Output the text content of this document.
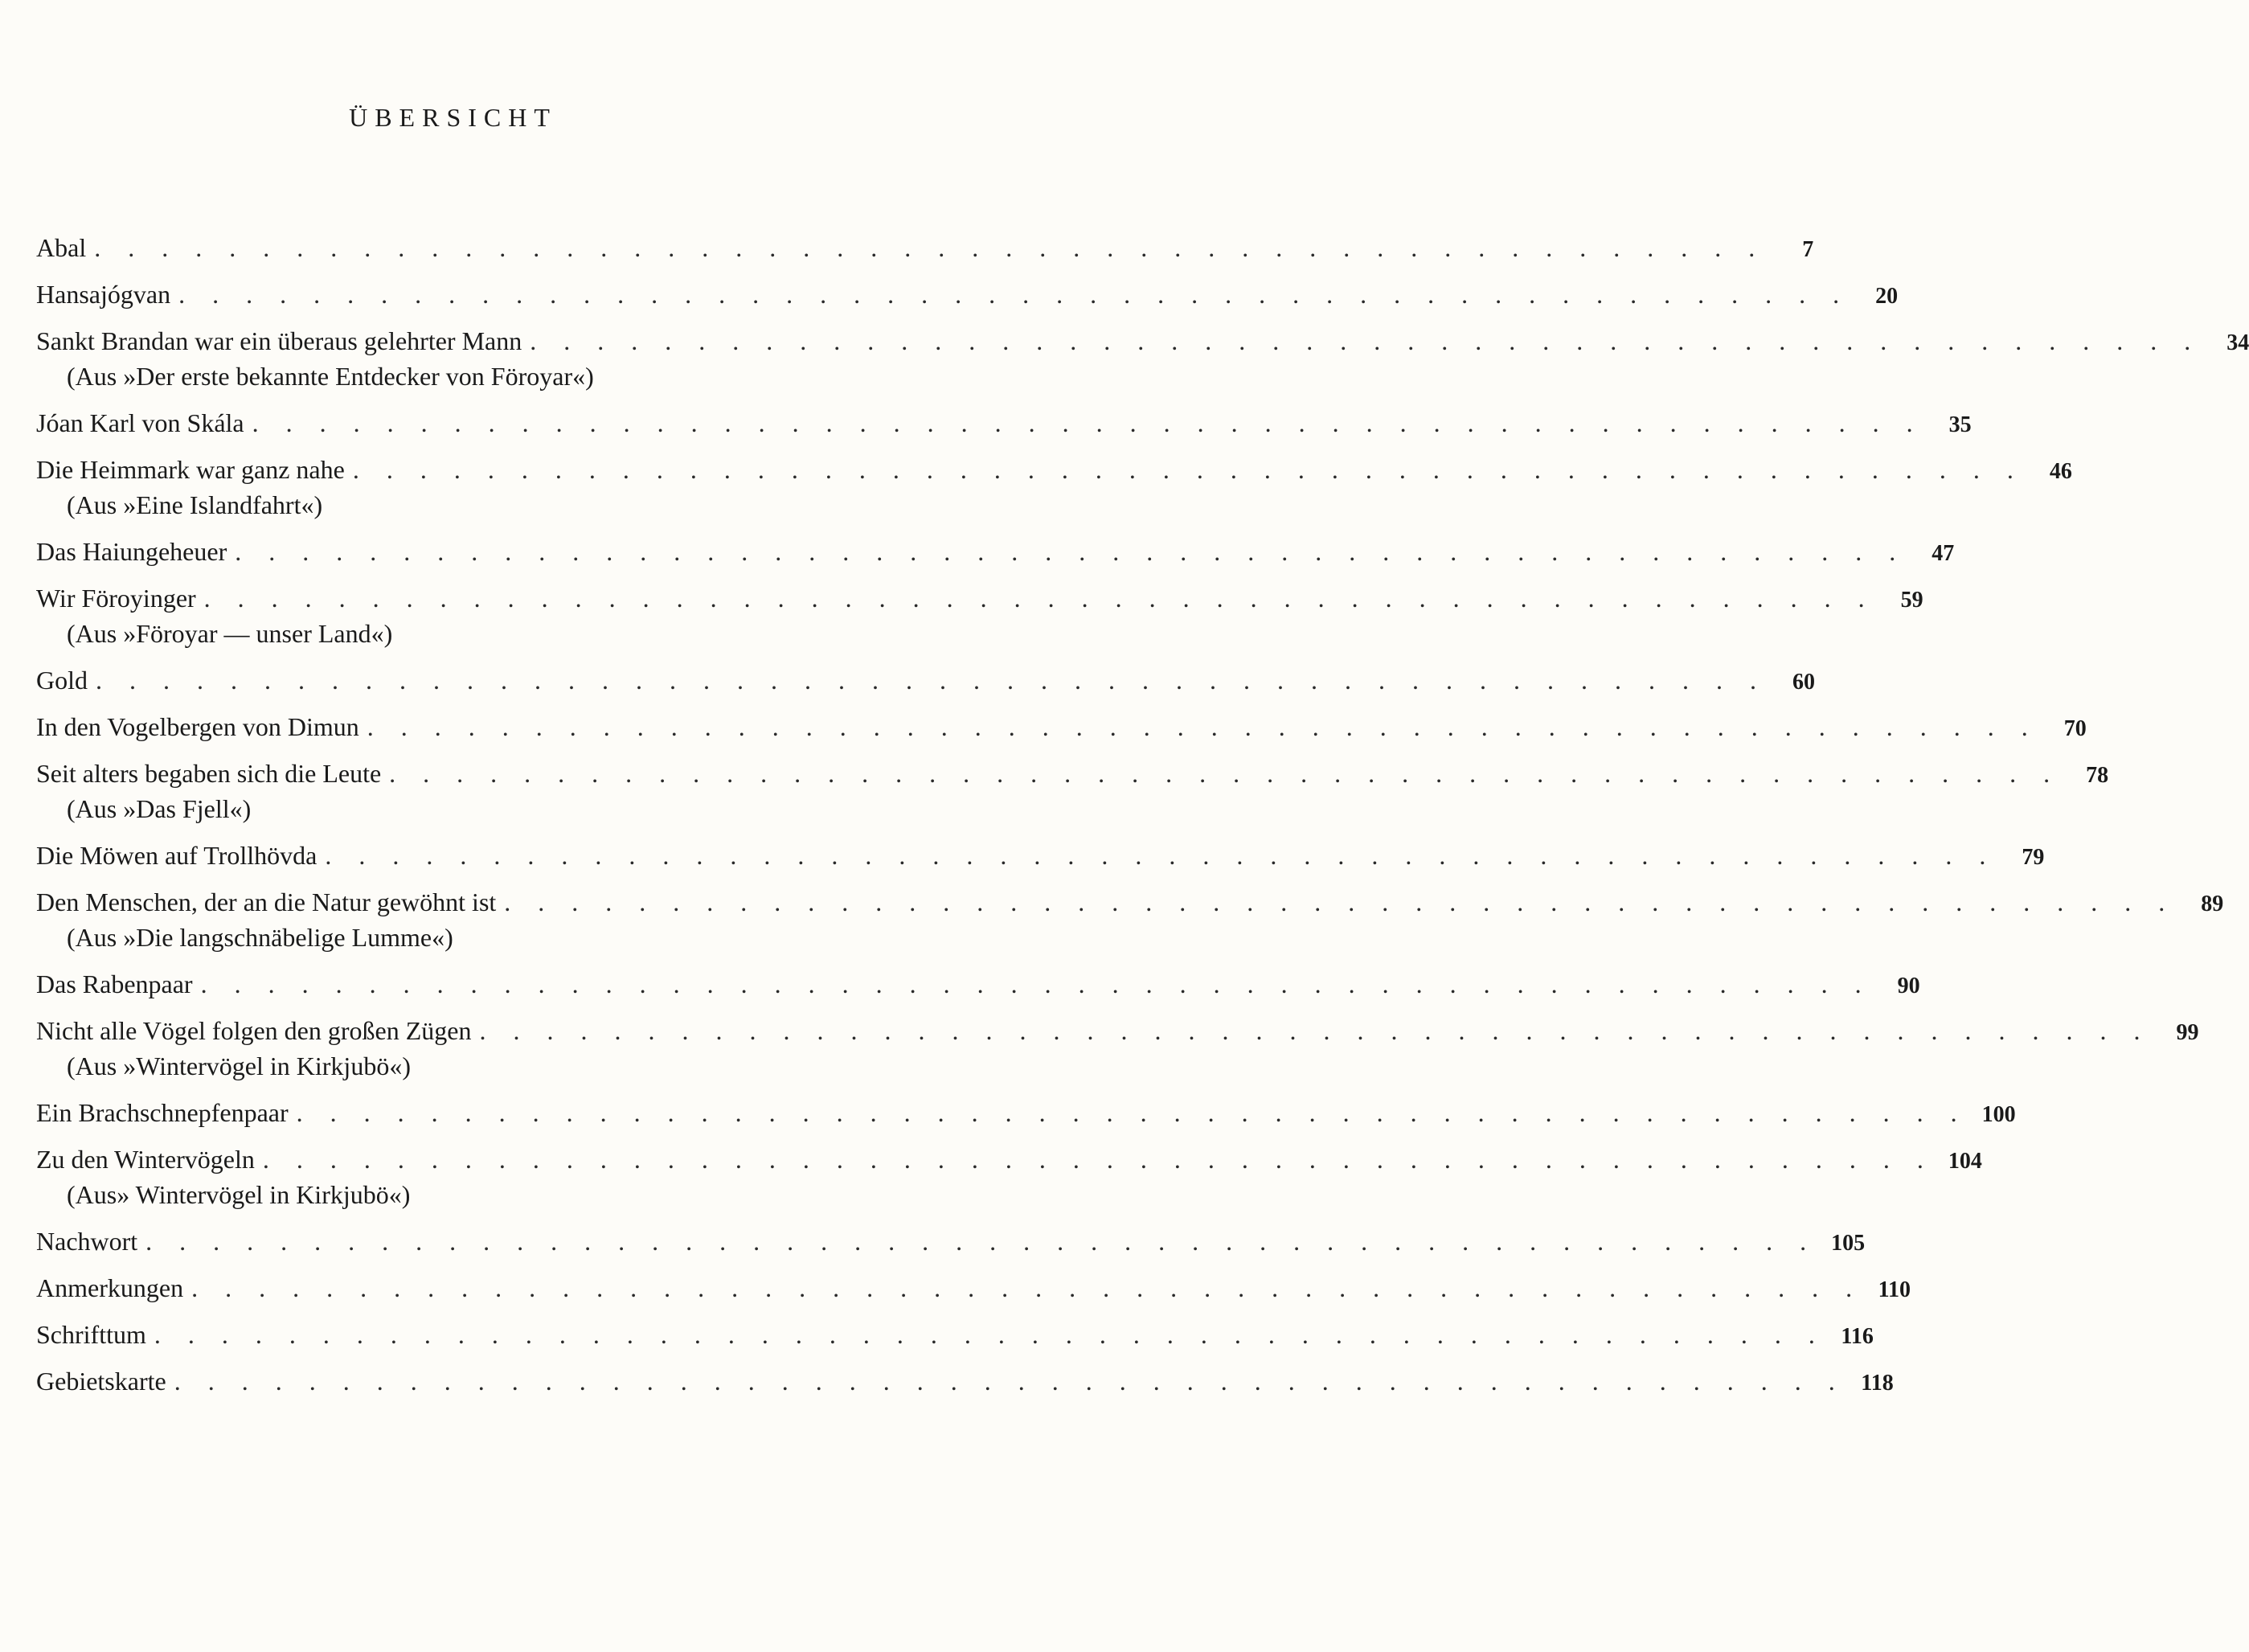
ÜBERSICHT
Abal . . . . . . . . . . . . . . . . . . . . . . . . . . . . . . . . . . . . . . . . . . . . . . . . . .	7
Hansajógvan . . . . . . . . . . . . . . . . . . . . . . . . . . . . . . . . . . . . . . . . . . . . . . . . . .	20
Sankt Brandan war ein überaus gelehrter Mann . . . . . . . . . . . . . . . . . . . . . . . . . . . . . . . . . . . . . . . . . . . . . . . . . .	34
(Aus »Der erste bekannte Entdecker von Föroyar«)
Jóan Karl von Skála . . . . . . . . . . . . . . . . . . . . . . . . . . . . . . . . . . . . . . . . . . . . . . . . . .	35
Die Heimmark war ganz nahe . . . . . . . . . . . . . . . . . . . . . . . . . . . . . . . . . . . . . . . . . . . . . . . . . .	46
(Aus »Eine Islandfahrt«)
Das Haiungeheuer . . . . . . . . . . . . . . . . . . . . . . . . . . . . . . . . . . . . . . . . . . . . . . . . . .	47
Wir Föroyinger . . . . . . . . . . . . . . . . . . . . . . . . . . . . . . . . . . . . . . . . . . . . . . . . . .	59
(Aus »Föroyar — unser Land«)
Gold . . . . . . . . . . . . . . . . . . . . . . . . . . . . . . . . . . . . . . . . . . . . . . . . . .	60
In den Vogelbergen von Dimun . . . . . . . . . . . . . . . . . . . . . . . . . . . . . . . . . . . . . . . . . . . . . . . . . .	70
Seit alters begaben sich die Leute . . . . . . . . . . . . . . . . . . . . . . . . . . . . . . . . . . . . . . . . . . . . . . . . . .	78
(Aus »Das Fjell«)
Die Möwen auf Trollhövda . . . . . . . . . . . . . . . . . . . . . . . . . . . . . . . . . . . . . . . . . . . . . . . . . .	79
Den Menschen, der an die Natur gewöhnt ist . . . . . . . . . . . . . . . . . . . . . . . . . . . . . . . . . . . . . . . . . . . . . . . . . .	89
(Aus »Die langschnäbelige Lumme«)
Das Rabenpaar . . . . . . . . . . . . . . . . . . . . . . . . . . . . . . . . . . . . . . . . . . . . . . . . . .	90
Nicht alle Vögel folgen den großen Zügen . . . . . . . . . . . . . . . . . . . . . . . . . . . . . . . . . . . . . . . . . . . . . . . . . .	99
(Aus »Wintervögel in Kirkjubö«)
Ein Brachschnepfenpaar . . . . . . . . . . . . . . . . . . . . . . . . . . . . . . . . . . . . . . . . . . . . . . . . . . 100
Zu den Wintervögeln . . . . . . . . . . . . . . . . . . . . . . . . . . . . . . . . . . . . . . . . . . . . . . . . . . 104
(Aus» Wintervögel in Kirkjubö«)
Nachwort . . . . . . . . . . . . . . . . . . . . . . . . . . . . . . . . . . . . . . . . . . . . . . . . . . 105
Anmerkungen . . . . . . . . . . . . . . . . . . . . . . . . . . . . . . . . . . . . . . . . . . . . . . . . . . 110
Schrifttum . . . . . . . . . . . . . . . . . . . . . . . . . . . . . . . . . . . . . . . . . . . . . . . . . . 116
Gebietskarte . . . . . . . . . . . . . . . . . . . . . . . . . . . . . . . . . . . . . . . . . . . . . . . . . . 118
